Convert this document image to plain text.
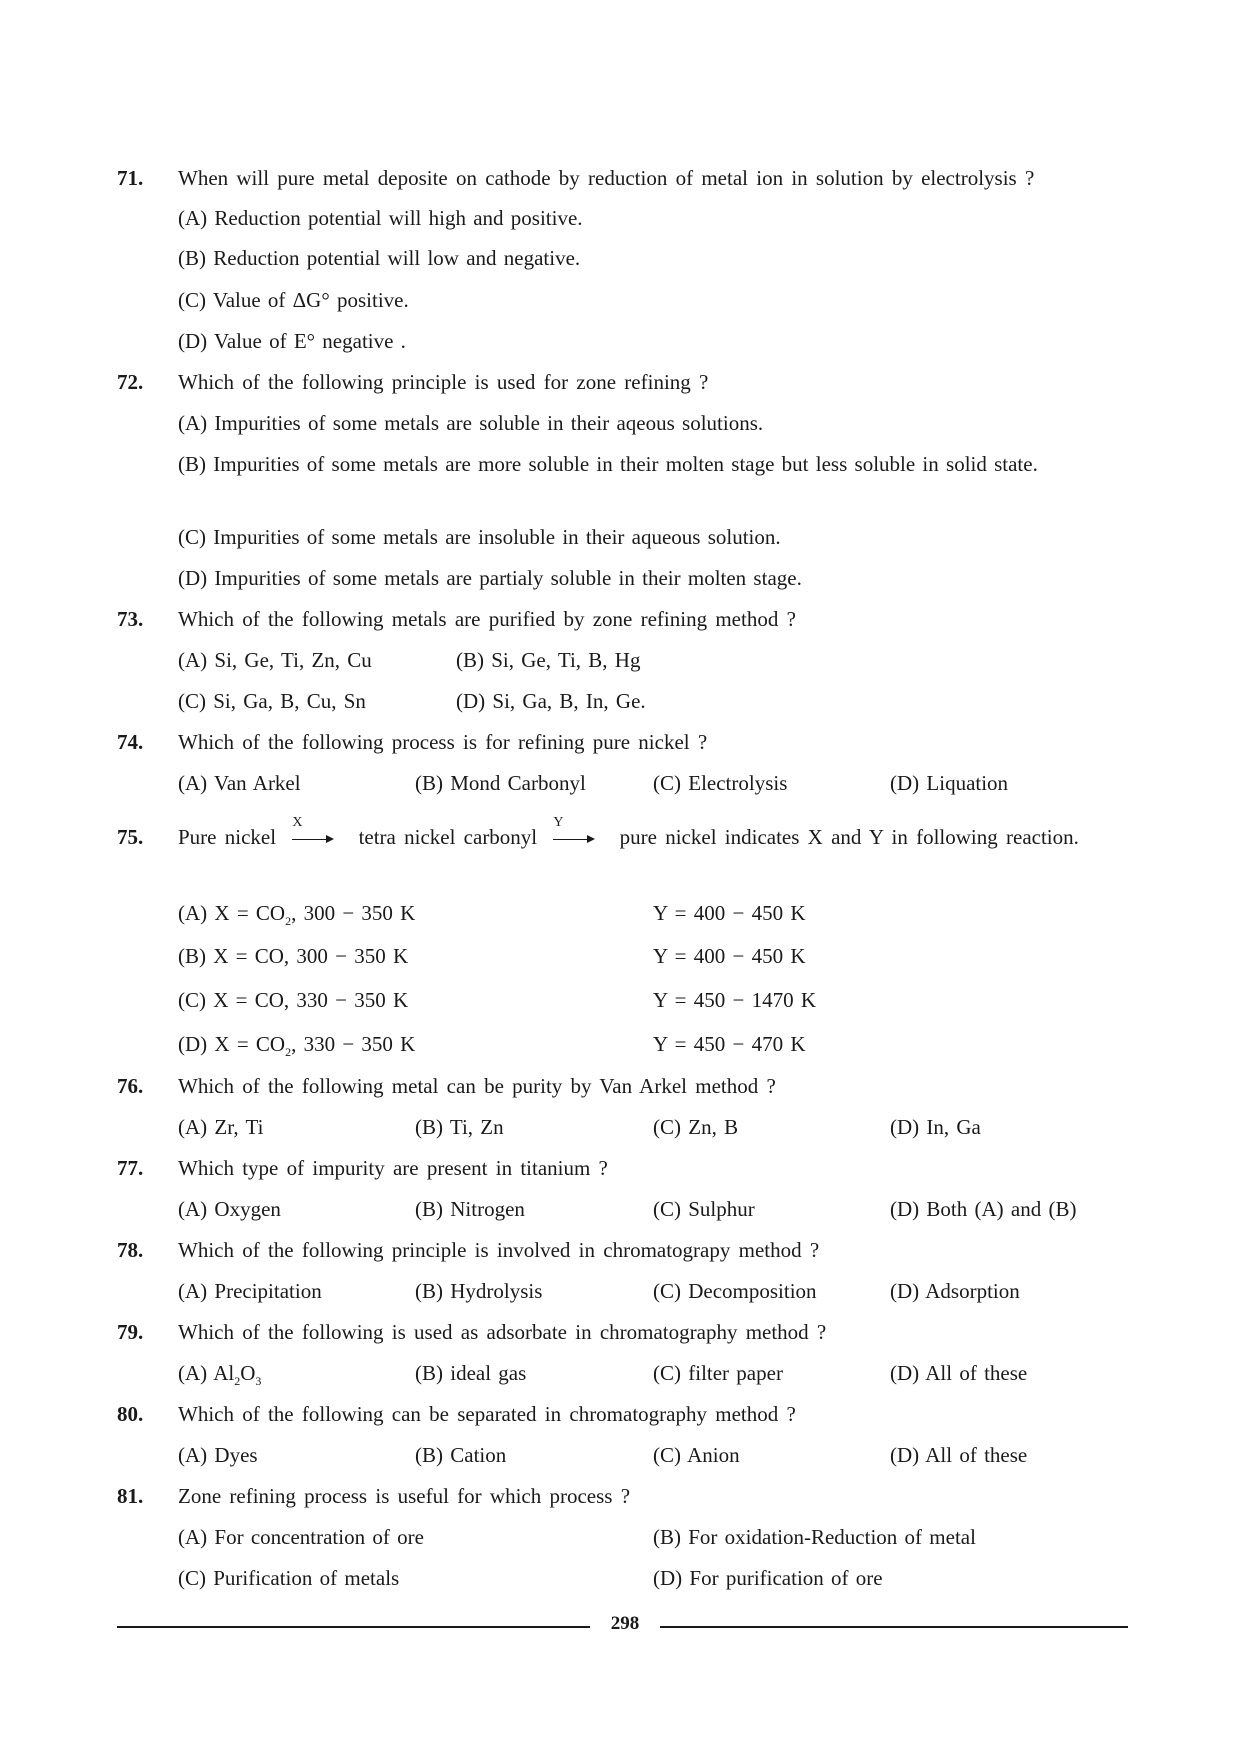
71.	When will pure metal deposite on cathode by reduction of metal ion in solution by electrolysis ?
(A) Reduction potential will high and positive.
(B) Reduction potential will low and negative.
(C) Value of ΔG° positive.
(D) Value of E° negative .
72.	Which of the following principle is used for zone refining ?
(A) Impurities of some metals are soluble in their aqeous solutions.
(B) Impurities of some metals are more soluble in their molten stage but less soluble in solid state.
(C) Impurities of some metals are insoluble in their aqueous solution.
(D) Impurities of some metals are partialy soluble in their molten stage.
73.	Which of the following metals are purified by zone refining method ?
(A) Si, Ge, Ti, Zn, Cu	(B) Si, Ge, Ti, B, Hg
(C) Si, Ga, B, Cu, Sn	(D) Si, Ga, B, In, Ge.
74.	Which of the following process is for refining pure nickel ?
(A) Van Arkel	(B) Mond Carbonyl	(C) Electrolysis	(D) Liquation
75.	Pure nickel
X
tetra nickel carbonyl
Y
pure nickel indicates X and Y in following reaction.
(A) $X = CO_2$, 300 − 350 K	Y = 400 − 450 K
(B) X = CO, 300 − 350 K	Y = 400 − 450 K
(C) X = CO, 330 − 350 K	Y = 450 − 1470 K
(D) $X = CO_2$, 330 − 350 K	Y = 450 − 470 K
76.	Which of the following metal can be purity by Van Arkel method ?
(A) Zr, Ti	(B) Ti, Zn	(C) Zn, B	(D) In, Ga
77.	Which type of impurity are present in titanium ?
(A) Oxygen	(B) Nitrogen	(C) Sulphur	(D) Both (A) and (B)
78.	Which of the following principle is involved in chromatograpy method ?
(A) Precipitation	(B) Hydrolysis	(C) Decomposition	(D) Adsorption
79.	Which of the following is used as adsorbate in chromatography method ?
(A) $Al_2O_3$	(B) ideal gas	(C) filter paper	(D) All of these
80.	Which of the following can be separated in chromatography method ?
(A) Dyes	(B) Cation	(C) Anion	(D) All of these
81.	Zone refining process is useful for which process ?
(A) For concentration of ore	(B) For oxidation-Reduction of metal
(C) Purification of metals	(D) For purification of ore
298
